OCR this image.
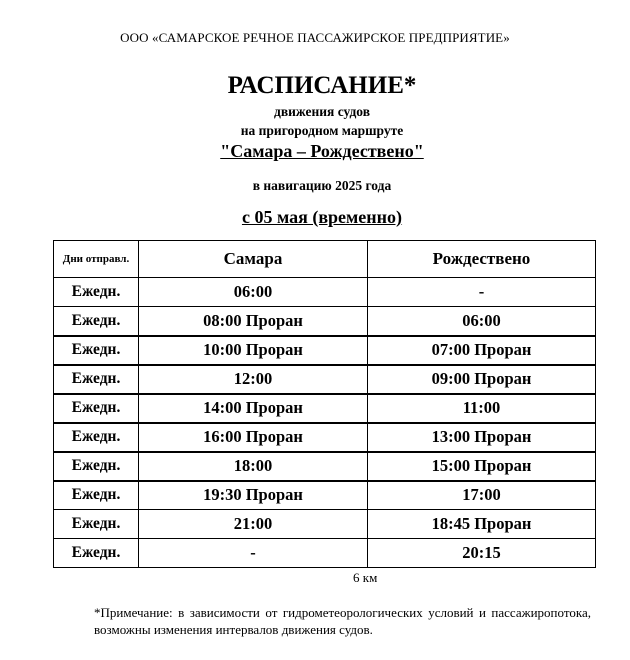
ООО «САМАРСКОЕ РЕЧНОЕ ПАССАЖИРСКОЕ ПРЕДПРИЯТИЕ»
РАСПИСАНИЕ*
движения судов
на пригородном маршруте
"Самара – Рождествено"
в навигацию 2025 года
с 05 мая (временно)
Дни отправл.	Самара	Рождествено
Ежедн.	06:00	-
Ежедн.	08:00 Проран	06:00
Ежедн.	10:00 Проран	07:00 Проран
Ежедн.	12:00	09:00 Проран
Ежедн.	14:00 Проран	11:00
Ежедн.	16:00 Проран	13:00 Проран
Ежедн.	18:00	15:00 Проран
Ежедн.	19:30 Проран	17:00
Ежедн.	21:00	18:45 Проран
Ежедн.	-	20:15
6 км
*Примечание: в зависимости от гидрометеорологических условий и пассажиропотока, возможны изменения интервалов движения судов.
